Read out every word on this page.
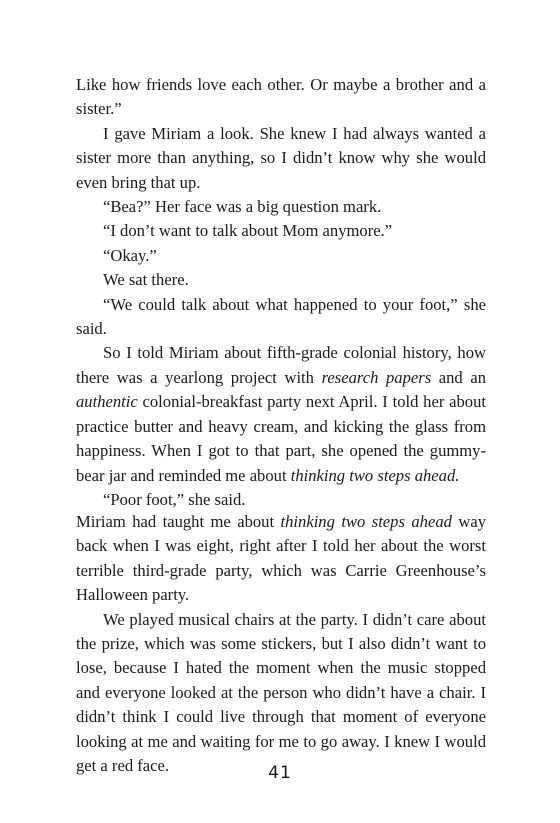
Like how friends love each other. Or maybe a brother and a sister.”

I gave Miriam a look. She knew I had always wanted a sister more than anything, so I didn’t know why she would even bring that up.

“Bea?” Her face was a big question mark.

“I don’t want to talk about Mom anymore.”

“Okay.”

We sat there.

“We could talk about what happened to your foot,” she said.

So I told Miriam about fifth-grade colonial history, how there was a yearlong project with research papers and an authentic colonial-breakfast party next April. I told her about practice butter and heavy cream, and kicking the glass from happiness. When I got to that part, she opened the gummy-bear jar and reminded me about thinking two steps ahead.

“Poor foot,” she said.

Miriam had taught me about thinking two steps ahead way back when I was eight, right after I told her about the worst terrible third-grade party, which was Carrie Greenhouse’s Halloween party.

We played musical chairs at the party. I didn’t care about the prize, which was some stickers, but I also didn’t want to lose, because I hated the moment when the music stopped and everyone looked at the person who didn’t have a chair. I didn’t think I could live through that moment of everyone looking at me and waiting for me to go away. I knew I would get a red face.	41
